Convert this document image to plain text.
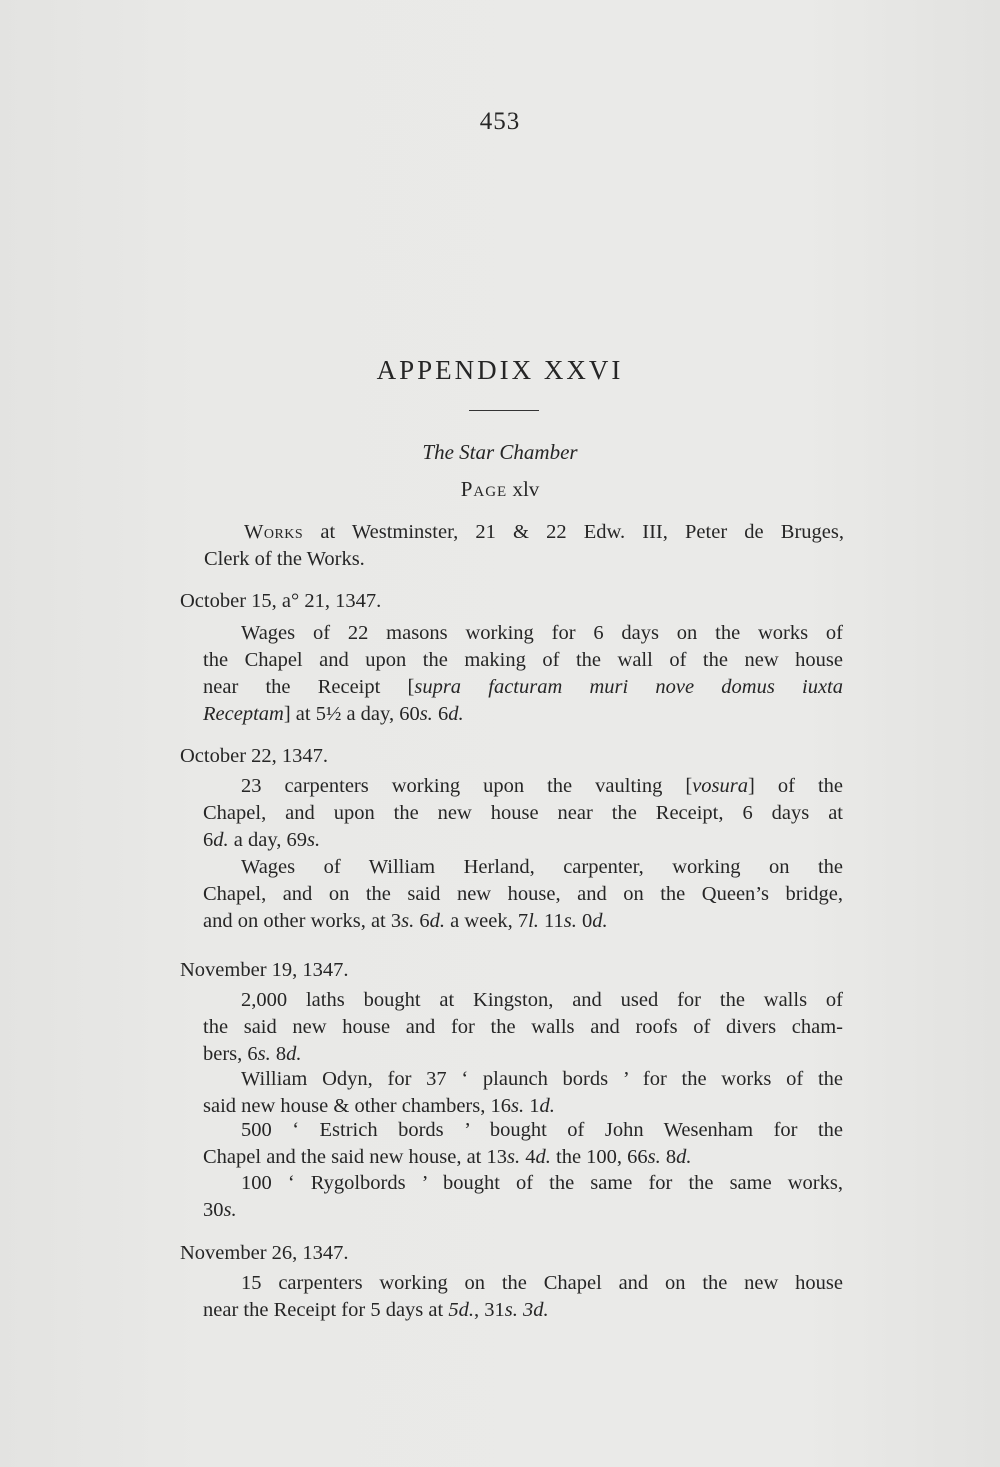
453
APPENDIX XXVI
The Star Chamber
Page xlv
Works at Westminster, 21 & 22 Edw. III, Peter de Bruges,
Clerk of the Works.
October 15, a° 21, 1347.
Wages of 22 masons working for 6 days on the works of
the Chapel and upon the making of the wall of the new house
near the Receipt [supra facturam muri nove domus iuxta
Receptam] at 5½ a day, 60s. 6d.
October 22, 1347.
23 carpenters working upon the vaulting [vosura] of the
Chapel, and upon the new house near the Receipt, 6 days at
6d. a day, 69s.
Wages of William Herland, carpenter, working on the
Chapel, and on the said new house, and on the Queen’s bridge,
and on other works, at 3s. 6d. a week, 7l. 11s. 0d.
November 19, 1347.
2,000 laths bought at Kingston, and used for the walls of
the said new house and for the walls and roofs of divers cham-
bers, 6s. 8d.
William Odyn, for 37 ‘ plaunch bords ’ for the works of the
said new house & other chambers, 16s. 1d.
500 ‘ Estrich bords ’ bought of John Wesenham for the
Chapel and the said new house, at 13s. 4d. the 100, 66s. 8d.
100 ‘ Rygolbords ’ bought of the same for the same works,
30s.
November 26, 1347.
15 carpenters working on the Chapel and on the new house
near the Receipt for 5 days at 5d., 31s. 3d.
